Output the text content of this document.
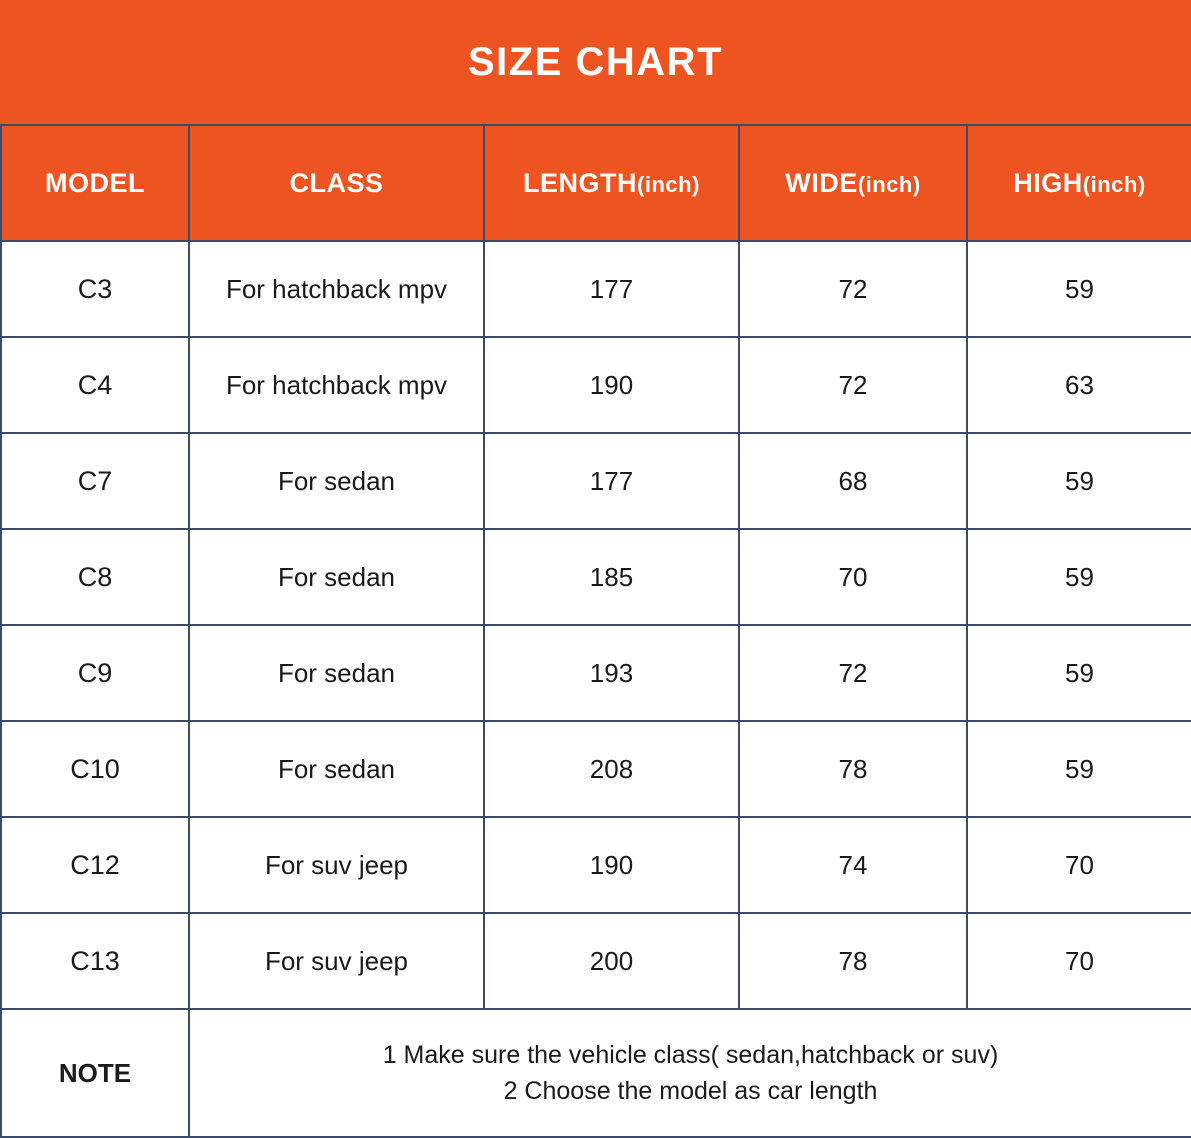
SIZE CHART
MODEL	CLASS	LENGTH(inch)	WIDE(inch)	HIGH(inch)
C3	For hatchback mpv	177	72	59
C4	For hatchback mpv	190	72	63
C7	For sedan	177	68	59
C8	For sedan	185	70	59
C9	For sedan	193	72	59
C10	For sedan	208	78	59
C12	For suv jeep	190	74	70
C13	For suv jeep	200	78	70
NOTE	1 Make sure the vehicle class( sedan,hatchback or suv)
2 Choose the model as car length			
